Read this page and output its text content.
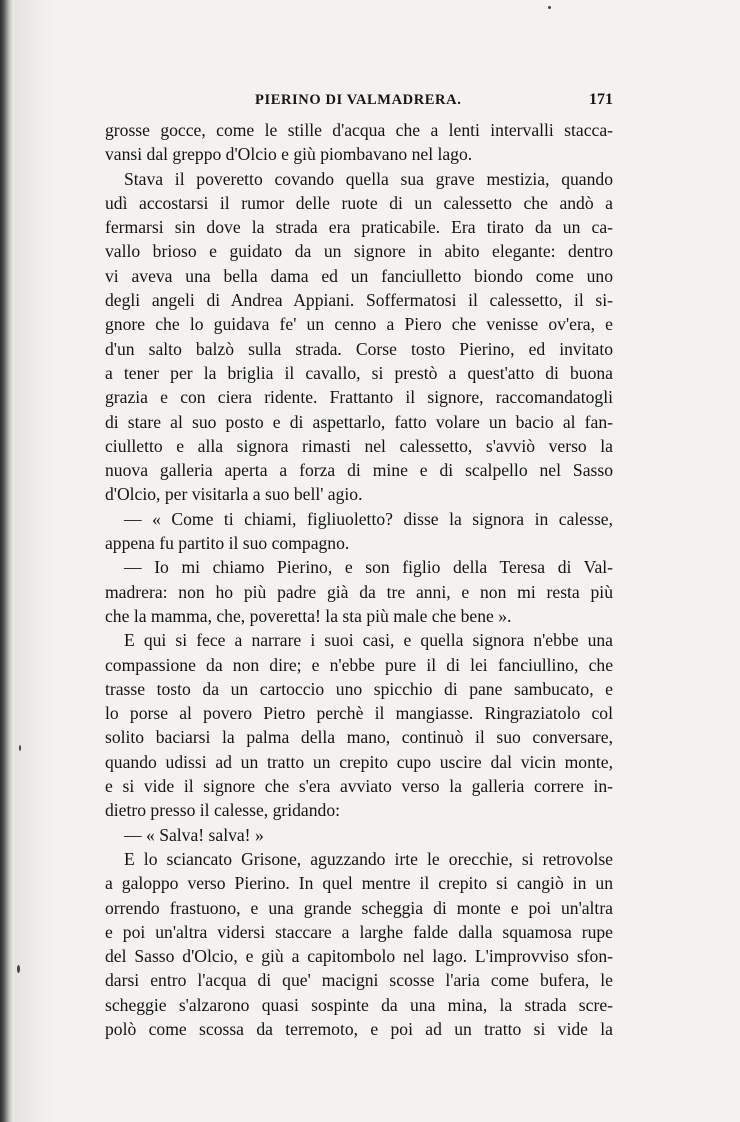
PIERINO DI VALMADRERA.	171
grosse gocce, come le stille d'acqua che a lenti intervalli stacca-
vansi dal greppo d'Olcio e giù piombavano nel lago.
Stava il poveretto covando quella sua grave mestizia, quando
udì accostarsi il rumor delle ruote di un calessetto che andò a
fermarsi sin dove la strada era praticabile. Era tirato da un ca-
vallo brioso e guidato da un signore in abito elegante: dentro
vi aveva una bella dama ed un fanciulletto biondo come uno
degli angeli di Andrea Appiani. Soffermatosi il calessetto, il si-
gnore che lo guidava fe' un cenno a Piero che venisse ov'era, e
d'un salto balzò sulla strada. Corse tosto Pierino, ed invitato
a tener per la briglia il cavallo, si prestò a quest'atto di buona
grazia e con ciera ridente. Frattanto il signore, raccomandatogli
di stare al suo posto e di aspettarlo, fatto volare un bacio al fan-
ciulletto e alla signora rimasti nel calessetto, s'avviò verso la
nuova galleria aperta a forza di mine e di scalpello nel Sasso
d'Olcio, per visitarla a suo bell' agio.
— « Come ti chiami, figliuoletto? disse la signora in calesse,
appena fu partito il suo compagno.
— Io mi chiamo Pierino, e son figlio della Teresa di Val-
madrera: non ho più padre già da tre anni, e non mi resta più
che la mamma, che, poveretta! la sta più male che bene ».
E qui si fece a narrare i suoi casi, e quella signora n'ebbe una
compassione da non dire; e n'ebbe pure il di lei fanciullino, che
trasse tosto da un cartoccio uno spicchio di pane sambucato, e
lo porse al povero Pietro perchè il mangiasse. Ringraziatolo col
solito baciarsi la palma della mano, continuò il suo conversare,
quando udissi ad un tratto un crepito cupo uscire dal vicin monte,
e si vide il signore che s'era avviato verso la galleria correre in-
dietro presso il calesse, gridando:
— « Salva! salva! »
E lo sciancato Grisone, aguzzando irte le orecchie, si retrovolse
a galoppo verso Pierino. In quel mentre il crepito si cangiò in un
orrendo frastuono, e una grande scheggia di monte e poi un'altra
e poi un'altra vidersi staccare a larghe falde dalla squamosa rupe
del Sasso d'Olcio, e giù a capitombolo nel lago. L'improvviso sfon-
darsi entro l'acqua di que' macigni scosse l'aria come bufera, le
scheggie s'alzarono quasi sospinte da una mina, la strada scre-
polò come scossa da terremoto, e poi ad un tratto si vide la
